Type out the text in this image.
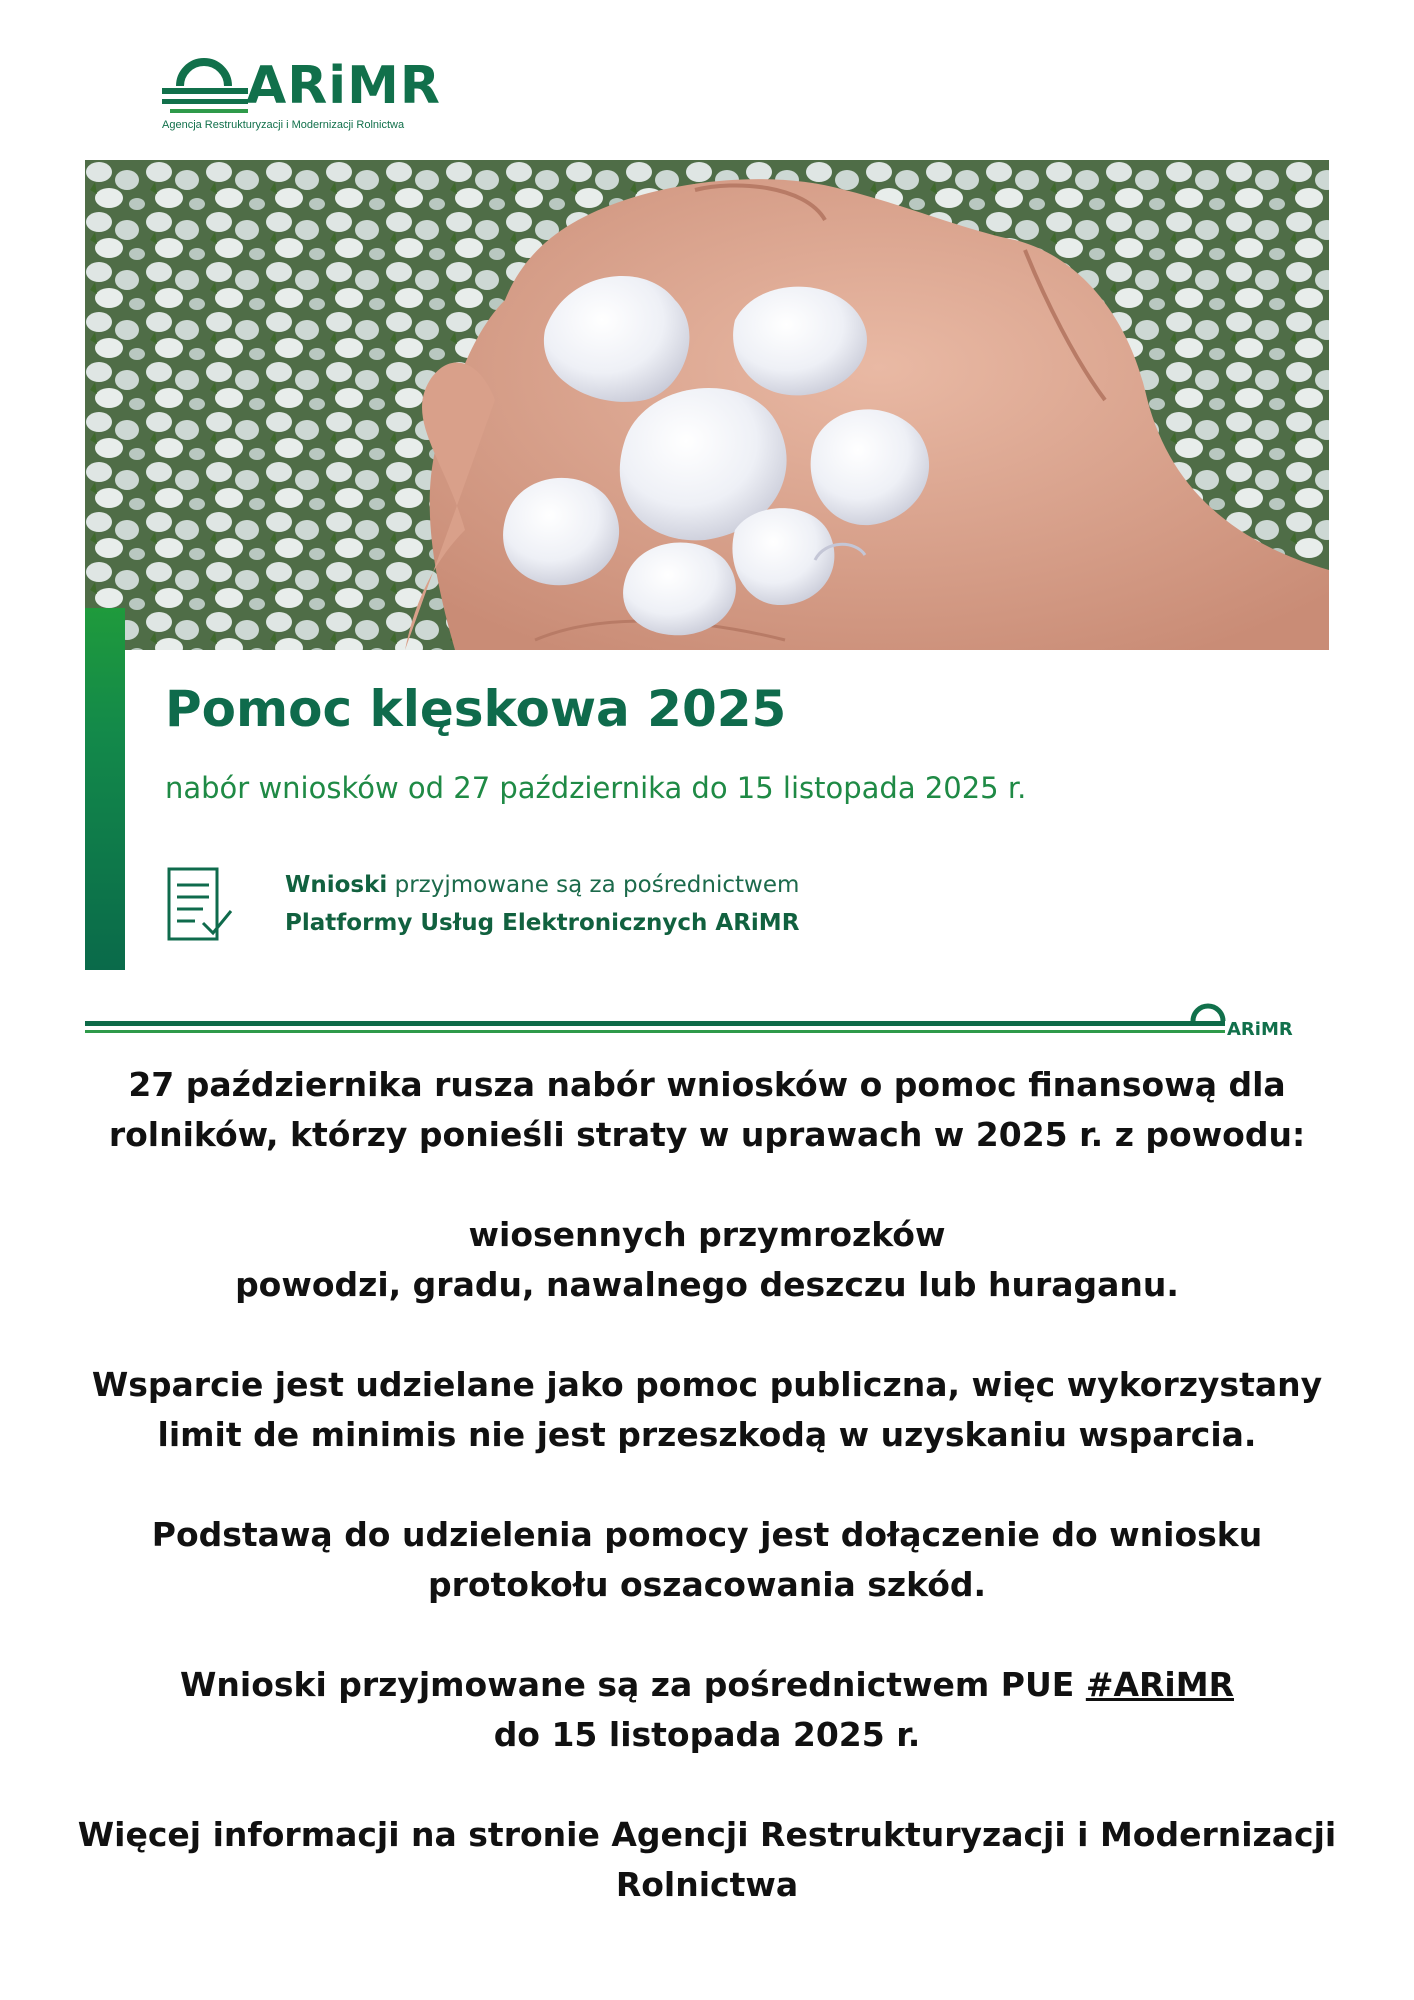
ARiMR
Agencja Restrukturyzacji i Modernizacji Rolnictwa
Pomoc klęskowa 2025
nabór wniosków od 27 października do 15 listopada 2025 r.
Wnioski przyjmowane są za pośrednictwem
Platformy Usług Elektronicznych ARiMR
ARiMR

27 października rusza nabór wniosków o pomoc finansową dla

rolników, którzy ponieśli straty w uprawach w 2025 r. z powodu:

wiosennych przymrozków

powodzi, gradu, nawalnego deszczu lub huraganu.

Wsparcie jest udzielane jako pomoc publiczna, więc wykorzystany

limit de minimis nie jest przeszkodą w uzyskaniu wsparcia.

Podstawą do udzielenia pomocy jest dołączenie do wniosku

protokołu oszacowania szkód.

Wnioski przyjmowane są za pośrednictwem PUE #ARiMR

do 15 listopada 2025 r.

Więcej informacji na stronie Agencji Restrukturyzacji i Modernizacji

Rolnictwa
